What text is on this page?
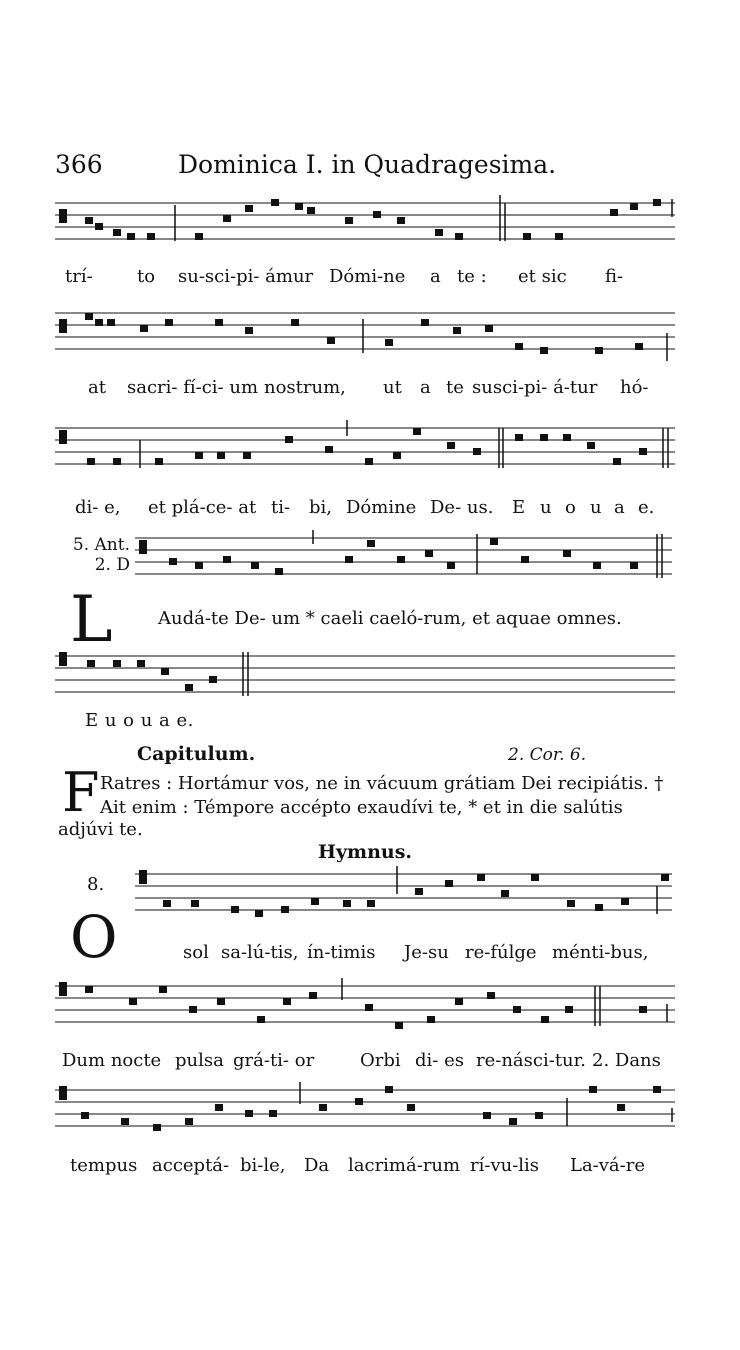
366	Dominica I. in Quadragesima.
trí- to su-sci-pi- ámur Dómi-ne a te : et sic fi-
at sacri- fí-ci- um nostrum, ut a te susci-pi- á-tur hó-
di- e, et plá-ce- at ti- bi, Dómine De- us. E u o u a e.
5. Ant.
2. D
L	Audá-te De- um * caeli caeló-rum, et aquae omnes.
E u o u a e.
Capitulum.	2. Cor. 6.
F Ratres : Hortámur vos, ne in vácuum grátiam Dei recipiátis. †
Ait enim : Témpore accépto exaudívi te, * et in die salútis
adjúvi te.
Hymnus.
8.
O	sol sa-lú-tis, ín-timis Je-su re-fúlge ménti-bus,
Dum nocte pulsa grá-ti- or	Orbi di- es re-násci-tur. 2. Dans
tempus acceptá- bi-le, Da lacrimá-rum rí-vu-lis La-vá-re
